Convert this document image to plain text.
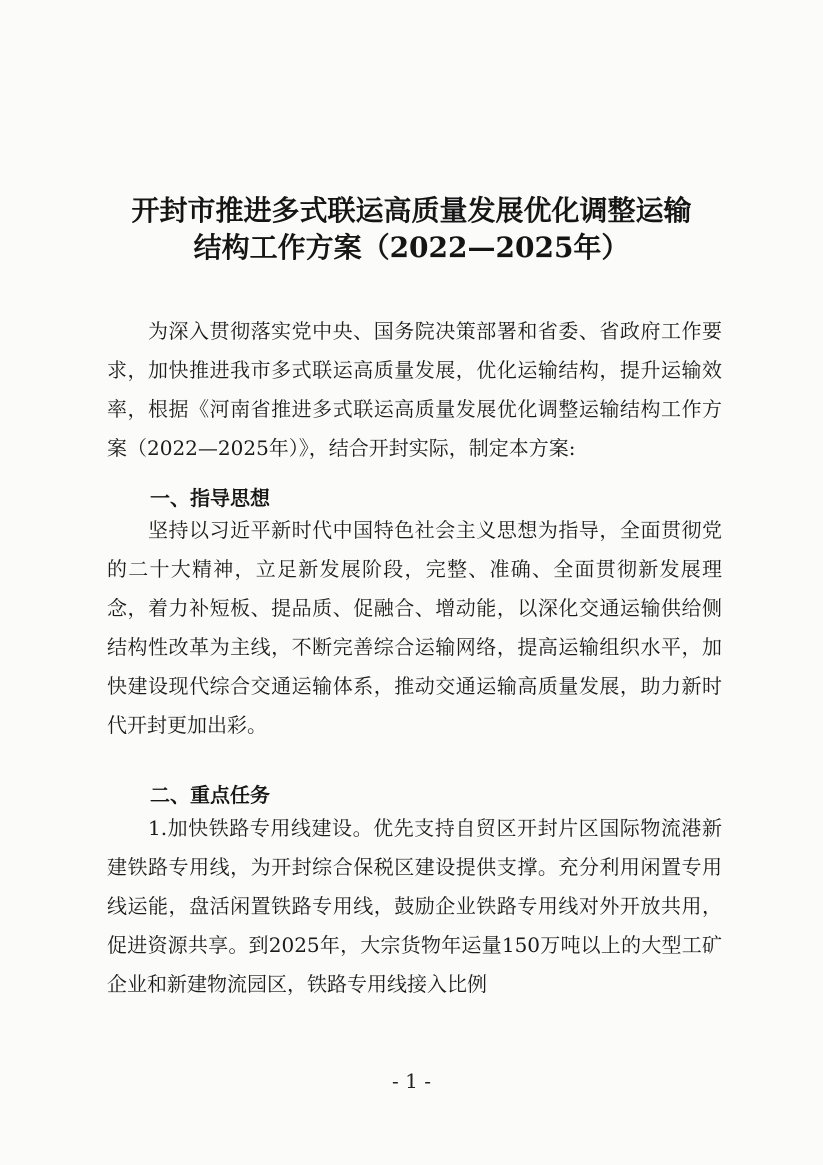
开封市推进多式联运高质量发展优化调整运输
结构工作方案（2022—2025年）

为深入贯彻落实党中央、国务院决策部署和省委、省政府工作要求，加快推进我市多式联运高质量发展，优化运输结构，提升运输效率，根据《河南省推进多式联运高质量发展优化调整运输结构工作方案（2022—2025年）》，结合开封实际，制定本方案:

一、指导思想

坚持以习近平新时代中国特色社会主义思想为指导，全面贯彻党的二十大精神，立足新发展阶段，完整、准确、全面贯彻新发展理念，着力补短板、提品质、促融合、增动能，以深化交通运输供给侧结构性改革为主线，不断完善综合运输网络，提高运输组织水平，加快建设现代综合交通运输体系，推动交通运输高质量发展，助力新时代开封更加出彩。

二、重点任务

1.加快铁路专用线建设。优先支持自贸区开封片区国际物流港新建铁路专用线，为开封综合保税区建设提供支撑。充分利用闲置专用线运能，盘活闲置铁路专用线，鼓励企业铁路专用线对外开放共用，促进资源共享。到2025年，大宗货物年运量150万吨以上的大型工矿企业和新建物流园区，铁路专用线接入比例

- 1 -
